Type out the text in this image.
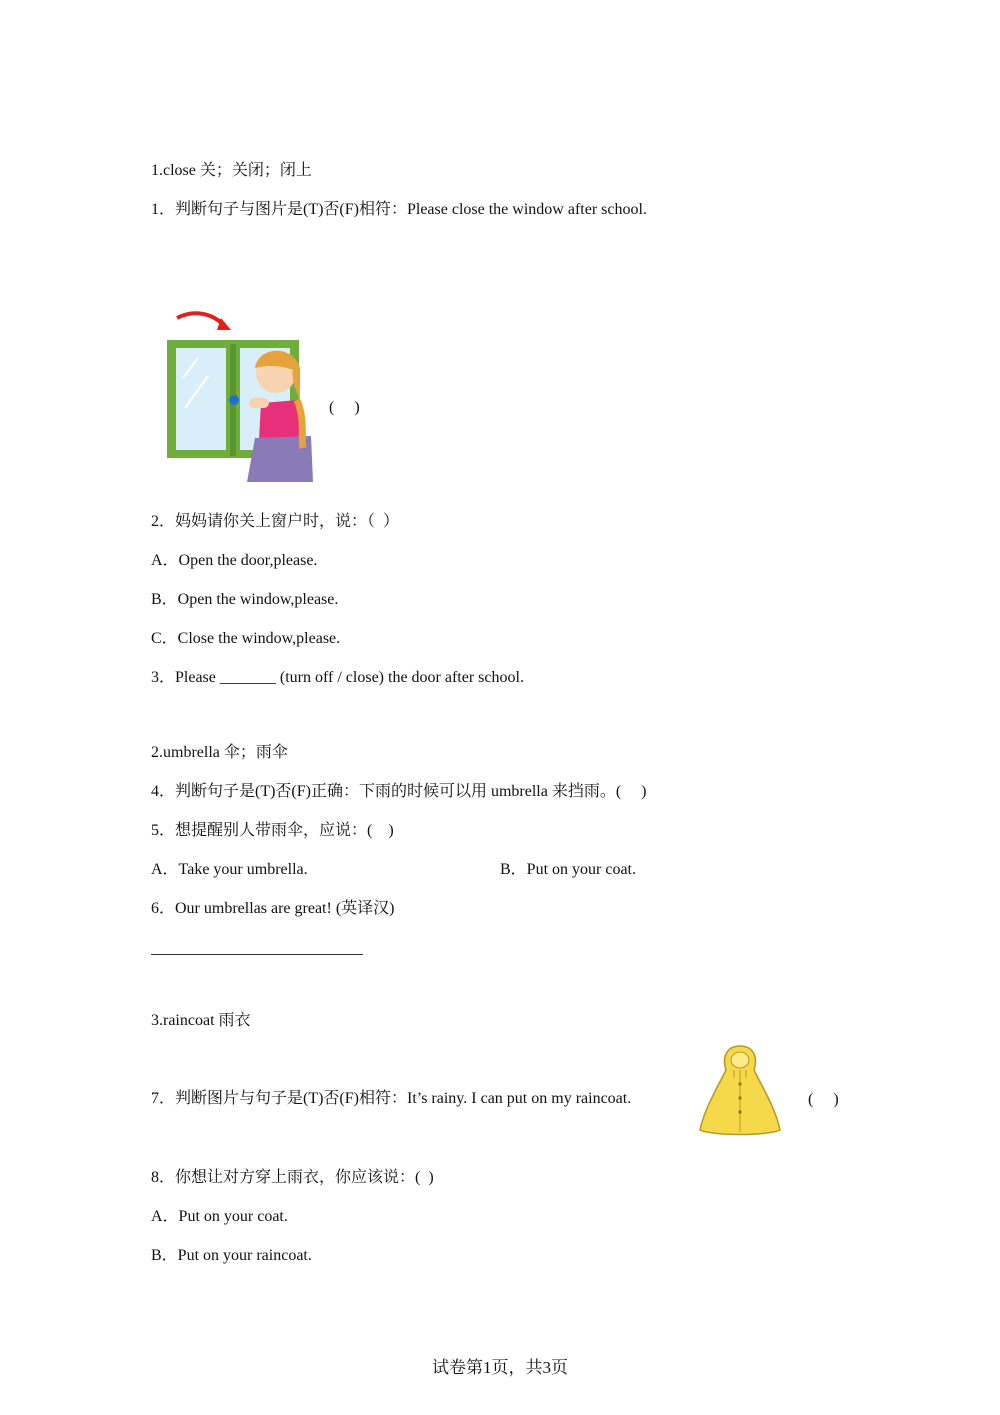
1.close 关；关闭；闭上
1．判断句子与图片是(T)否(F)相符：Please close the window after school.
(     )
2．妈妈请你关上窗户时，说：（  ）
A．Open the door,please.
B．Open the window,please.
C．Close the window,please.
3．Please _______ (turn off / close) the door after school.
2.umbrella 伞；雨伞
4．判断句子是(T)否(F)正确：下雨的时候可以用 umbrella 来挡雨。(     )
5．想提醒别人带雨伞，应说：(    )
A．Take your umbrella.	B．Put on your coat.
6．Our umbrellas are great! (英译汉)
3.raincoat 雨衣
7．判断图片与句子是(T)否(F)相符：It’s rainy. I can put on my raincoat.	(     )
8．你想让对方穿上雨衣，你应该说：(  )
A．Put on your coat.
B．Put on your raincoat.
试卷第1页，共3页
